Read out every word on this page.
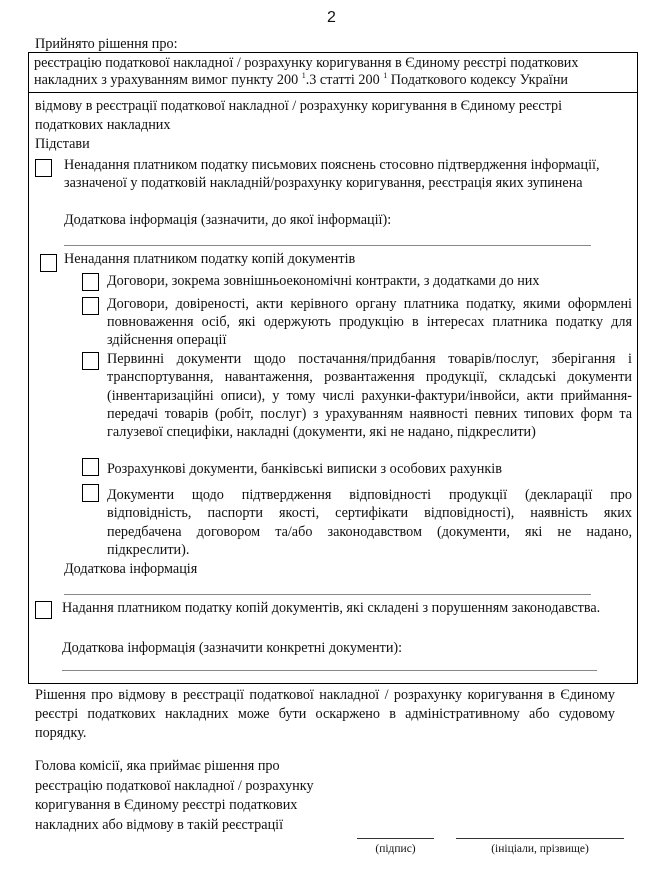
2
Прийнято рішення про:
реєстрацію податкової накладної / розрахунку коригування в Єдиному реєстрі податкових накладних з урахуванням вимог пункту 200 $^1$.3 статті 200 $^1$ Податкового кодексу України
відмову в реєстрації податкової накладної / розрахунку коригування в Єдиному реєстрі податкових накладних
Підстави
Ненадання платником податку письмових пояснень стосовно підтвердження інформації, зазначеної у податковій накладній/розрахунку коригування, реєстрація яких зупинена
Додаткова інформація (зазначити, до якої інформації):
Ненадання платником податку копій документів
Договори, зокрема зовнішньоекономічні контракти, з додатками до них
Договори, довіреності, акти керівного органу платника податку, якими оформлені повноваження осіб, які одержують продукцію в інтересах платника податку для здійснення операції
Первинні документи щодо постачання/придбання товарів/послуг, зберігання і транспортування, навантаження, розвантаження продукції, складські документи (інвентаризаційні описи), у тому числі рахунки-фактури/інвойси, акти приймання-передачі товарів (робіт, послуг) з урахуванням наявності певних типових форм та галузевої специфіки, накладні (документи, які не надано, підкреслити)
Розрахункові документи, банківські виписки з особових рахунків
Документи щодо підтвердження відповідності продукції (декларації про відповідність, паспорти якості, сертифікати відповідності), наявність яких передбачена договором та/або законодавством (документи, які не надано, підкреслити).
Додаткова інформація
Надання платником податку копій документів, які складені з порушенням законодавства.
Додаткова інформація (зазначити конкретні документи):
Рішення про відмову в реєстрації податкової накладної / розрахунку коригування в Єдиному реєстрі податкових накладних може бути оскаржено в адміністративному або судовому порядку.
Голова комісії, яка приймає рішення про реєстрацію податкової накладної / розрахунку коригування в Єдиному реєстрі податкових накладних або відмову в такій реєстрації
(підпис)	(ініціали, прізвище)
